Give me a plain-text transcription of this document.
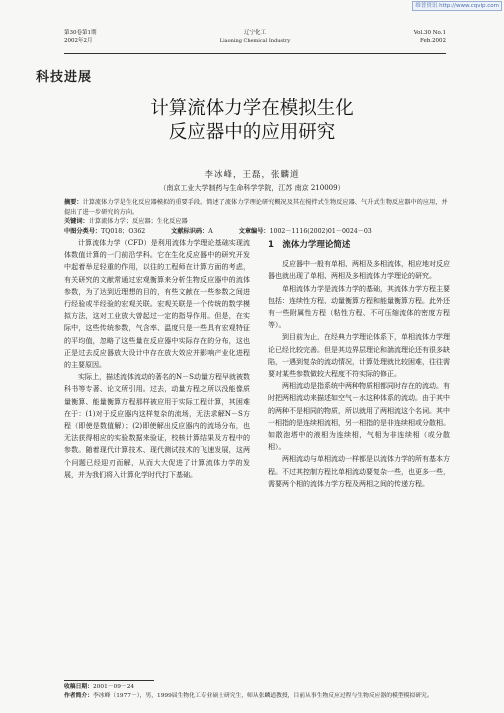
维普资讯 http://www.cqvip.com
第30卷第1期
2002年2月
辽宁化工
Liaoning Chemical Industry
Vol.30 No.1
Feb.2002
科技进展
计算流体力学在模拟生化
反应器中的应用研究
李冰峰，王磊，张麟道
（南京工业大学制药与生命科学学院，江苏 南京 210009）

摘要：计算流体力学是生化反应器模拟的重要手段。简述了流体力学理论研究概况及其在搅拌式生物反应器、气升式生物反应器中的应用，并提出了进一步研究的方向。

关键词：计算流体力学；反应器；生化反应器

中图分类号：TQ018；O362	文献标识码：A	文章编号：1002－1116(2002)01－0024－03

计算流体力学（CFD）是利用流体力学理论基础实现流体数值计算的一门前沿学科。它在生化反应器中的研究开发中起着举足轻重的作用，以往的工程师在计算方面的考虑，有关研究的文献常通过宏观衡算来分析生物反应器中的流体参数，为了达到近理想的目的，有些文献在一些参数之间进行经验或半经验的宏观关联。宏观关联是一个传统的数学模拟方法，这对工业放大曾起过一定的指导作用。但是，在实际中，这些传统参数，气含率、温度只是一些具有宏观特征的平均值，忽略了这些量在反应器中实际存在的分布，这也正是过去反应器放大设计中存在放大效应并影响产业化进程的主要原因。

实际上，描述流体流动的著名的N－S动量方程早就被数科书等专著、论文所引用。过去，动量方程之所以没能像质量衡算、能量衡算方程那样被应用于实际工程计算，其困难在于：(1)对于反应器内这样复杂的流场，无法求解N－S方程（即使是数值解）；(2)即使解出反应器内的流场分布，也无法获得相应的实验数据来验证，校核计算结果及方程中的参数。随着现代计算技术、现代测试技术的飞速发展，这两个问题已经迎刃而解，从而大大促进了计算流体力学的发展，并为我们将入计算化学时代打下基础。

1　流体力学理论简述

反应器中一般有单相、两相及多相流体，相应地对反应器也就出现了单相、两相及多相流体力学理论的研究。

单相流体力学是流体力学的基础，其流体力学方程主要包括：连续性方程、动量衡算方程和能量衡算方程。此外还有一些附属性方程（粘性方程、不可压缩流体的密度方程等）。

到目前为止，在经典力学理论体系下，单相流体力学理论已经比较完善。但是其边界层理论和湍流理论还有很多缺陷，一遇到复杂的流动情况，计算处理就比较困难，往往需要对某些参数做较大程度不符实际的修正。

两相流动是指系统中两种物质相都同时存在的流动。有时把两相流动来描述如空气－水这种体系的流动。由于其中的两种不是相同的物质，所以就用了两相流这个名词。其中一相指的是连续相流相，另一相指的是非连续相或分散相。如散泡塔中的液相为连续相，气相为非连续相（或分散相）。

两相流动与单相流动一样都是以流体力学的所有基本方程。不过其控制方程比单相流动要复杂一些，也更多一些，需要两个相的流体力学方程及两相之间的传递方程。

收稿日期：2001－09－24

作者简介：李冰峰（1977－），男，1999届生物化工专业硕士研究生，师从张麟道教授，目前从事生物反应过程与生物反应器的模型模拟研究。
